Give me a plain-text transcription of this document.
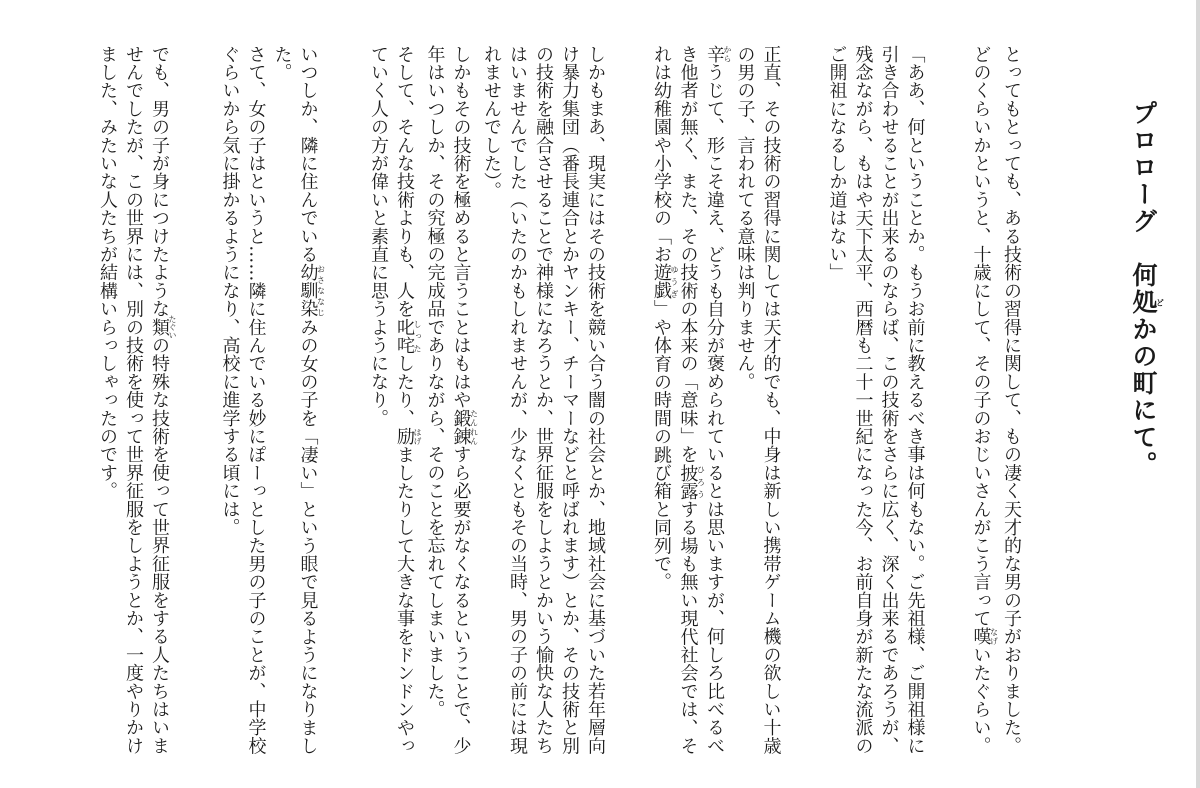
プロローグ　何処どかの町にて。

とってもとっても、ある技術の習得に関して、もの凄く天才的な男の子がおりました。

どのくらいかというと、十歳にして、その子のおじいさんがこう言って嘆なげいたぐらい。

「ああ、何ということか。もうお前に教えるべき事は何もない。ご先祖様、ご開祖様に引き合わせることが出来るのならば、この技術をさらに広く、深く出来るであろうが、残念ながら、もはや天下太平、西暦も二十一世紀になった今、お前自身が新たな流派のご開祖になるしか道はない」

正直、その技術の習得に関しては天才的でも、中身は新しい携帯ゲーム機の欲しい十歳の男の子、言われてる意味は判りません。

辛からうじて、形こそ違え、どうも自分が褒められているとは思いますが、何しろ比べるべき他者が無く、また、その技術の本来の「意味」を披露ひろうする場も無い現代社会では、それは幼稚園や小学校の「お遊戯ゆうぎ」や体育の時間の跳び箱と同列で。

しかもまあ、現実にはその技術を競い合う闇の社会とか、地域社会に基づいた若年層向け暴力集団（番長連合とかヤンキー、チーマーなどと呼ばれます）とか、その技術と別の技術を融合させることで神様になろうとか、世界征服をしようとかいう愉快な人たちはいませんでした（いたのかもしれませんが、少なくともその当時、男の子の前には現れませんでした）。

しかもその技術を極めると言うことはもはや鍛錬たんれんすら必要がなくなるということで、少年はいつしか、その究極の完成品でありながら、そのことを忘れてしまいました。

そして、そんな技術よりも、人を叱咤しったしたり、励はげましたりして大きな事をドンドンやっていく人の方が偉いと素直に思うようになり。

いつしか、隣に住んでいる幼馴染おさななじみの女の子を「凄い」という眼で見るようになりました。

さて、女の子はというと……隣に住んでいる妙にぽーっとした男の子のことが、中学校ぐらいから気に掛かるようになり、高校に進学する頃には。

でも、男の子が身につけたような類たぐいの特殊な技術を使って世界征服をする人たちはいませんでしたが、この世界には、別の技術を使って世界征服をしようとか、一度やりかけました、みたいな人たちが結構いらっしゃったのです。
